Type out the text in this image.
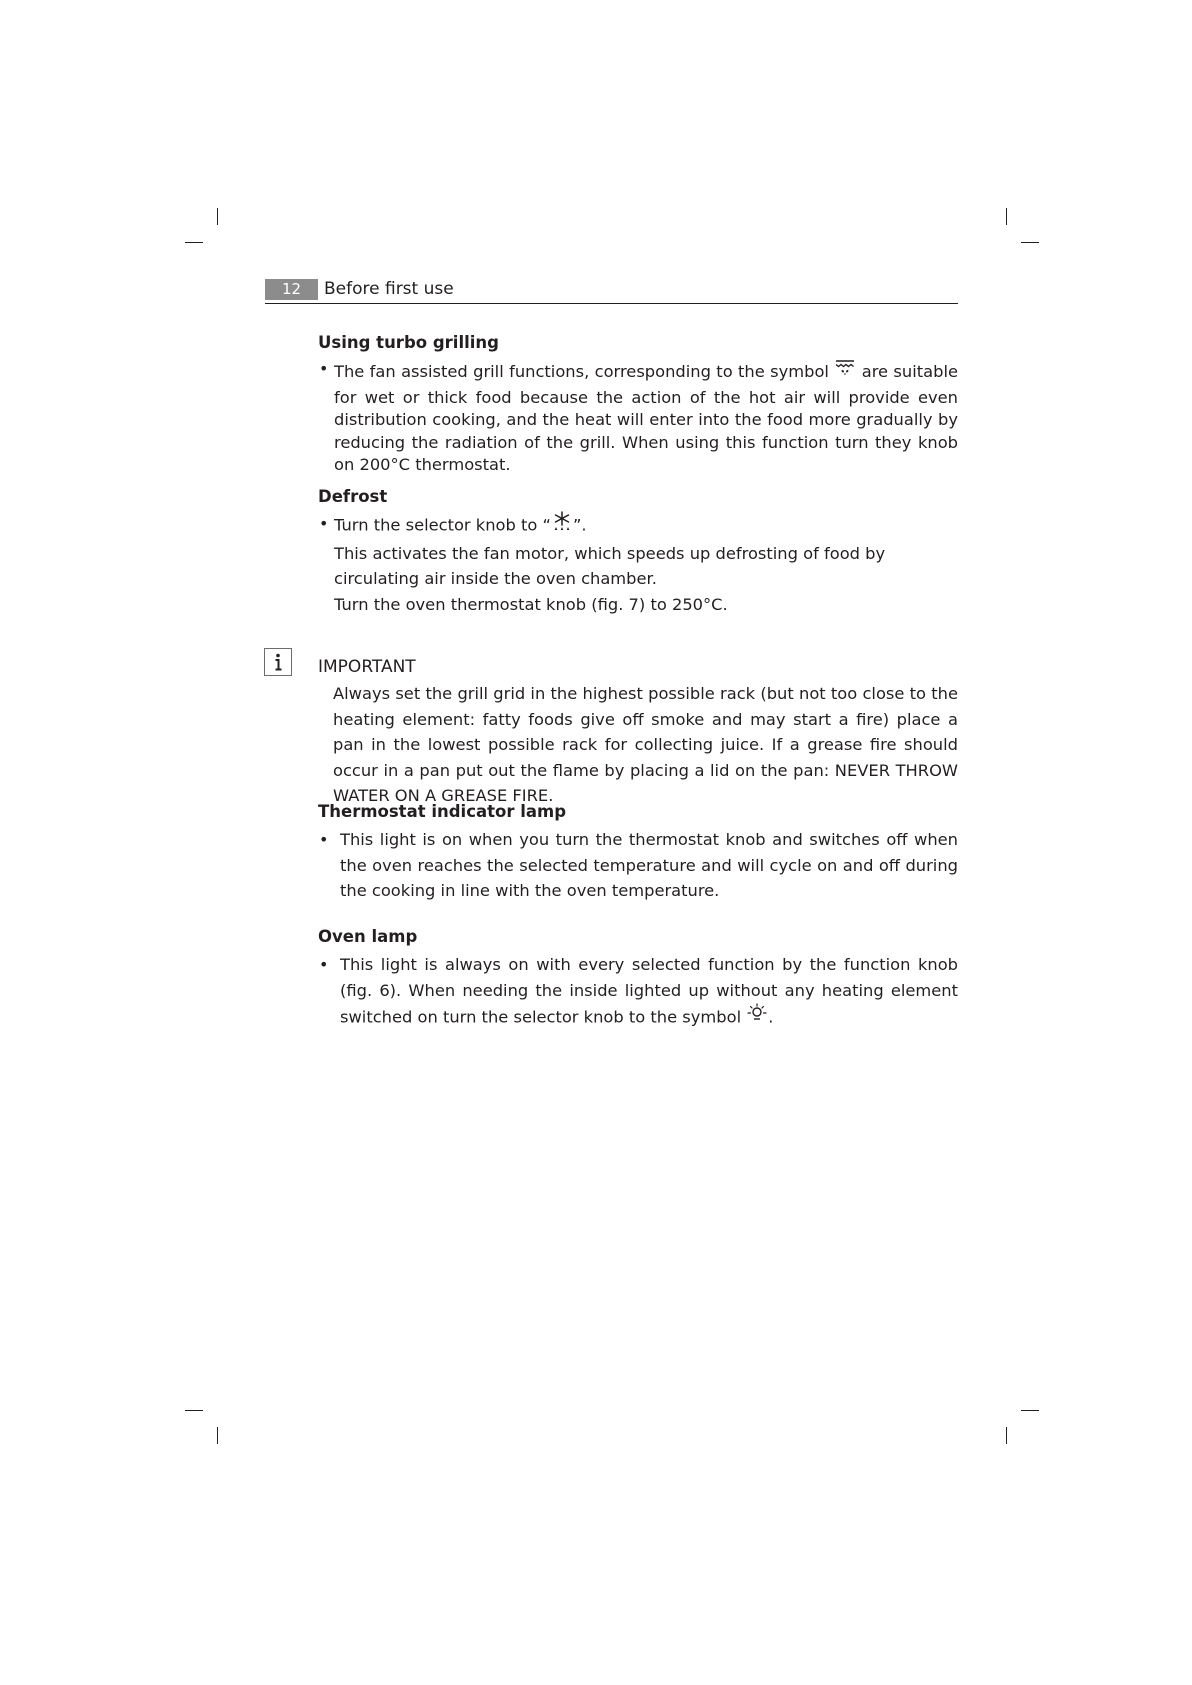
12	Before first use

Using turbo grilling

• The fan assisted grill functions, corresponding to the symbol are suitable for wet or thick food because the action of the hot air will provide even distribution cooking, and the heat will enter into the food more gradually by reducing the radiation of the grill. When using this function turn they knob on 200°C thermostat.

Defrost

• Turn the selector knob to “ ”.
This activates the fan motor, which speeds up defrosting of food by circulating air inside the oven chamber.
Turn the oven thermostat knob (fig. 7) to 250°C.

IMPORTANT

Always set the grill grid in the highest possible rack (but not too close to the heating element: fatty foods give off smoke and may start a fire) place a pan in the lowest possible rack for collecting juice. If a grease fire should occur in a pan put out the flame by placing a lid on the pan: NEVER THROW WATER ON A GREASE FIRE.

Thermostat indicator lamp

• This light is on when you turn the thermostat knob and switches off when the oven reaches the selected temperature and will cycle on and off during the cooking in line with the oven temperature.

Oven lamp

• This light is always on with every selected function by the function knob (fig. 6). When needing the inside lighted up without any heating element switched on turn the selector knob to the symbol .
